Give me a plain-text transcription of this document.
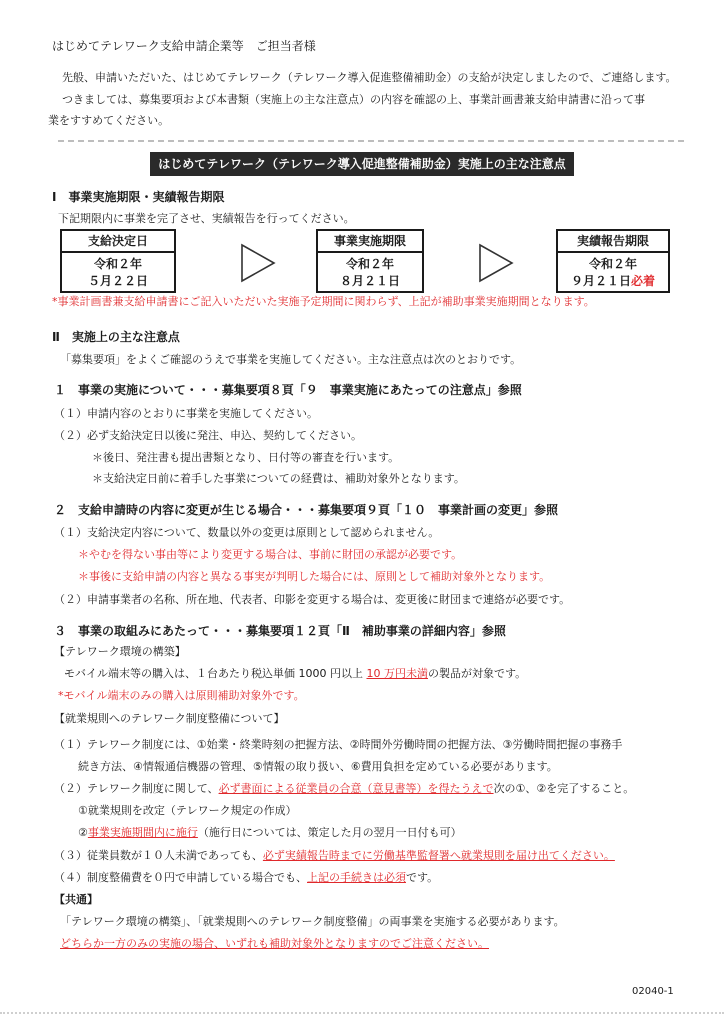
はじめてテレワーク支給申請企業等　ご担当者様
先般、申請いただいた、はじめてテレワーク（テレワーク導入促進整備補助金）の支給が決定しましたので、ご連絡します。
つきましては、募集要項および本書類（実施上の主な注意点）の内容を確認の上、事業計画書兼支給申請書に沿って事
業をすすめてください。
はじめてテレワーク（テレワーク導入促進整備補助金）実施上の主な注意点
Ⅰ　事業実施期限・実績報告期限
下記期限内に事業を完了させ、実績報告を行ってください。
支給決定日
令和２年
５月２２日
事業実施期限
令和２年
８月２１日
実績報告期限
令和２年
９月２１日必着
*事業計画書兼支給申請書にご記入いただいた実施予定期間に関わらず、上記が補助事業実施期間となります。
Ⅱ　実施上の主な注意点
「募集要項」をよくご確認のうえで事業を実施してください。主な注意点は次のとおりです。
１　事業の実施について・・・募集要項８頁「９　事業実施にあたっての注意点」参照
（１）申請内容のとおりに事業を実施してください。
（２）必ず支給決定日以後に発注、申込、契約してください。
＊後日、発注書も提出書類となり、日付等の審査を行います。
＊支給決定日前に着手した事業についての経費は、補助対象外となります。
２　支給申請時の内容に変更が生じる場合・・・募集要項９頁「１０　事業計画の変更」参照
（１）支給決定内容について、数量以外の変更は原則として認められません。
＊やむを得ない事由等により変更する場合は、事前に財団の承認が必要です。
＊事後に支給申請の内容と異なる事実が判明した場合には、原則として補助対象外となります。
（２）申請事業者の名称、所在地、代表者、印影を変更する場合は、変更後に財団まで連絡が必要です。
３　事業の取組みにあたって・・・募集要項１２頁「Ⅱ　補助事業の詳細内容」参照
【テレワーク環境の構築】
モバイル端末等の購入は、１台あたり税込単価 1000 円以上 10 万円未満の製品が対象です。
*モバイル端末のみの購入は原則補助対象外です。
【就業規則へのテレワーク制度整備について】
（１）テレワーク制度には、①始業・終業時刻の把握方法、②時間外労働時間の把握方法、③労働時間把握の事務手
続き方法、④情報通信機器の管理、⑤情報の取り扱い、⑥費用負担を定めている必要があります。
（２）テレワーク制度に関して、必ず書面による従業員の合意（意見書等）を得たうえで次の①、②を完了すること。
①就業規則を改定（テレワーク規定の作成）
②事業実施期間内に施行（施行日については、策定した月の翌月一日付も可）
（３）従業員数が１０人未満であっても、必ず実績報告時までに労働基準監督署へ就業規則を届け出てください。
（４）制度整備費を０円で申請している場合でも、上記の手続きは必須です。
【共通】
「テレワーク環境の構築」、「就業規則へのテレワーク制度整備」の両事業を実施する必要があります。
どちらか一方のみの実施の場合、いずれも補助対象外となりますのでご注意ください。
02040-1
